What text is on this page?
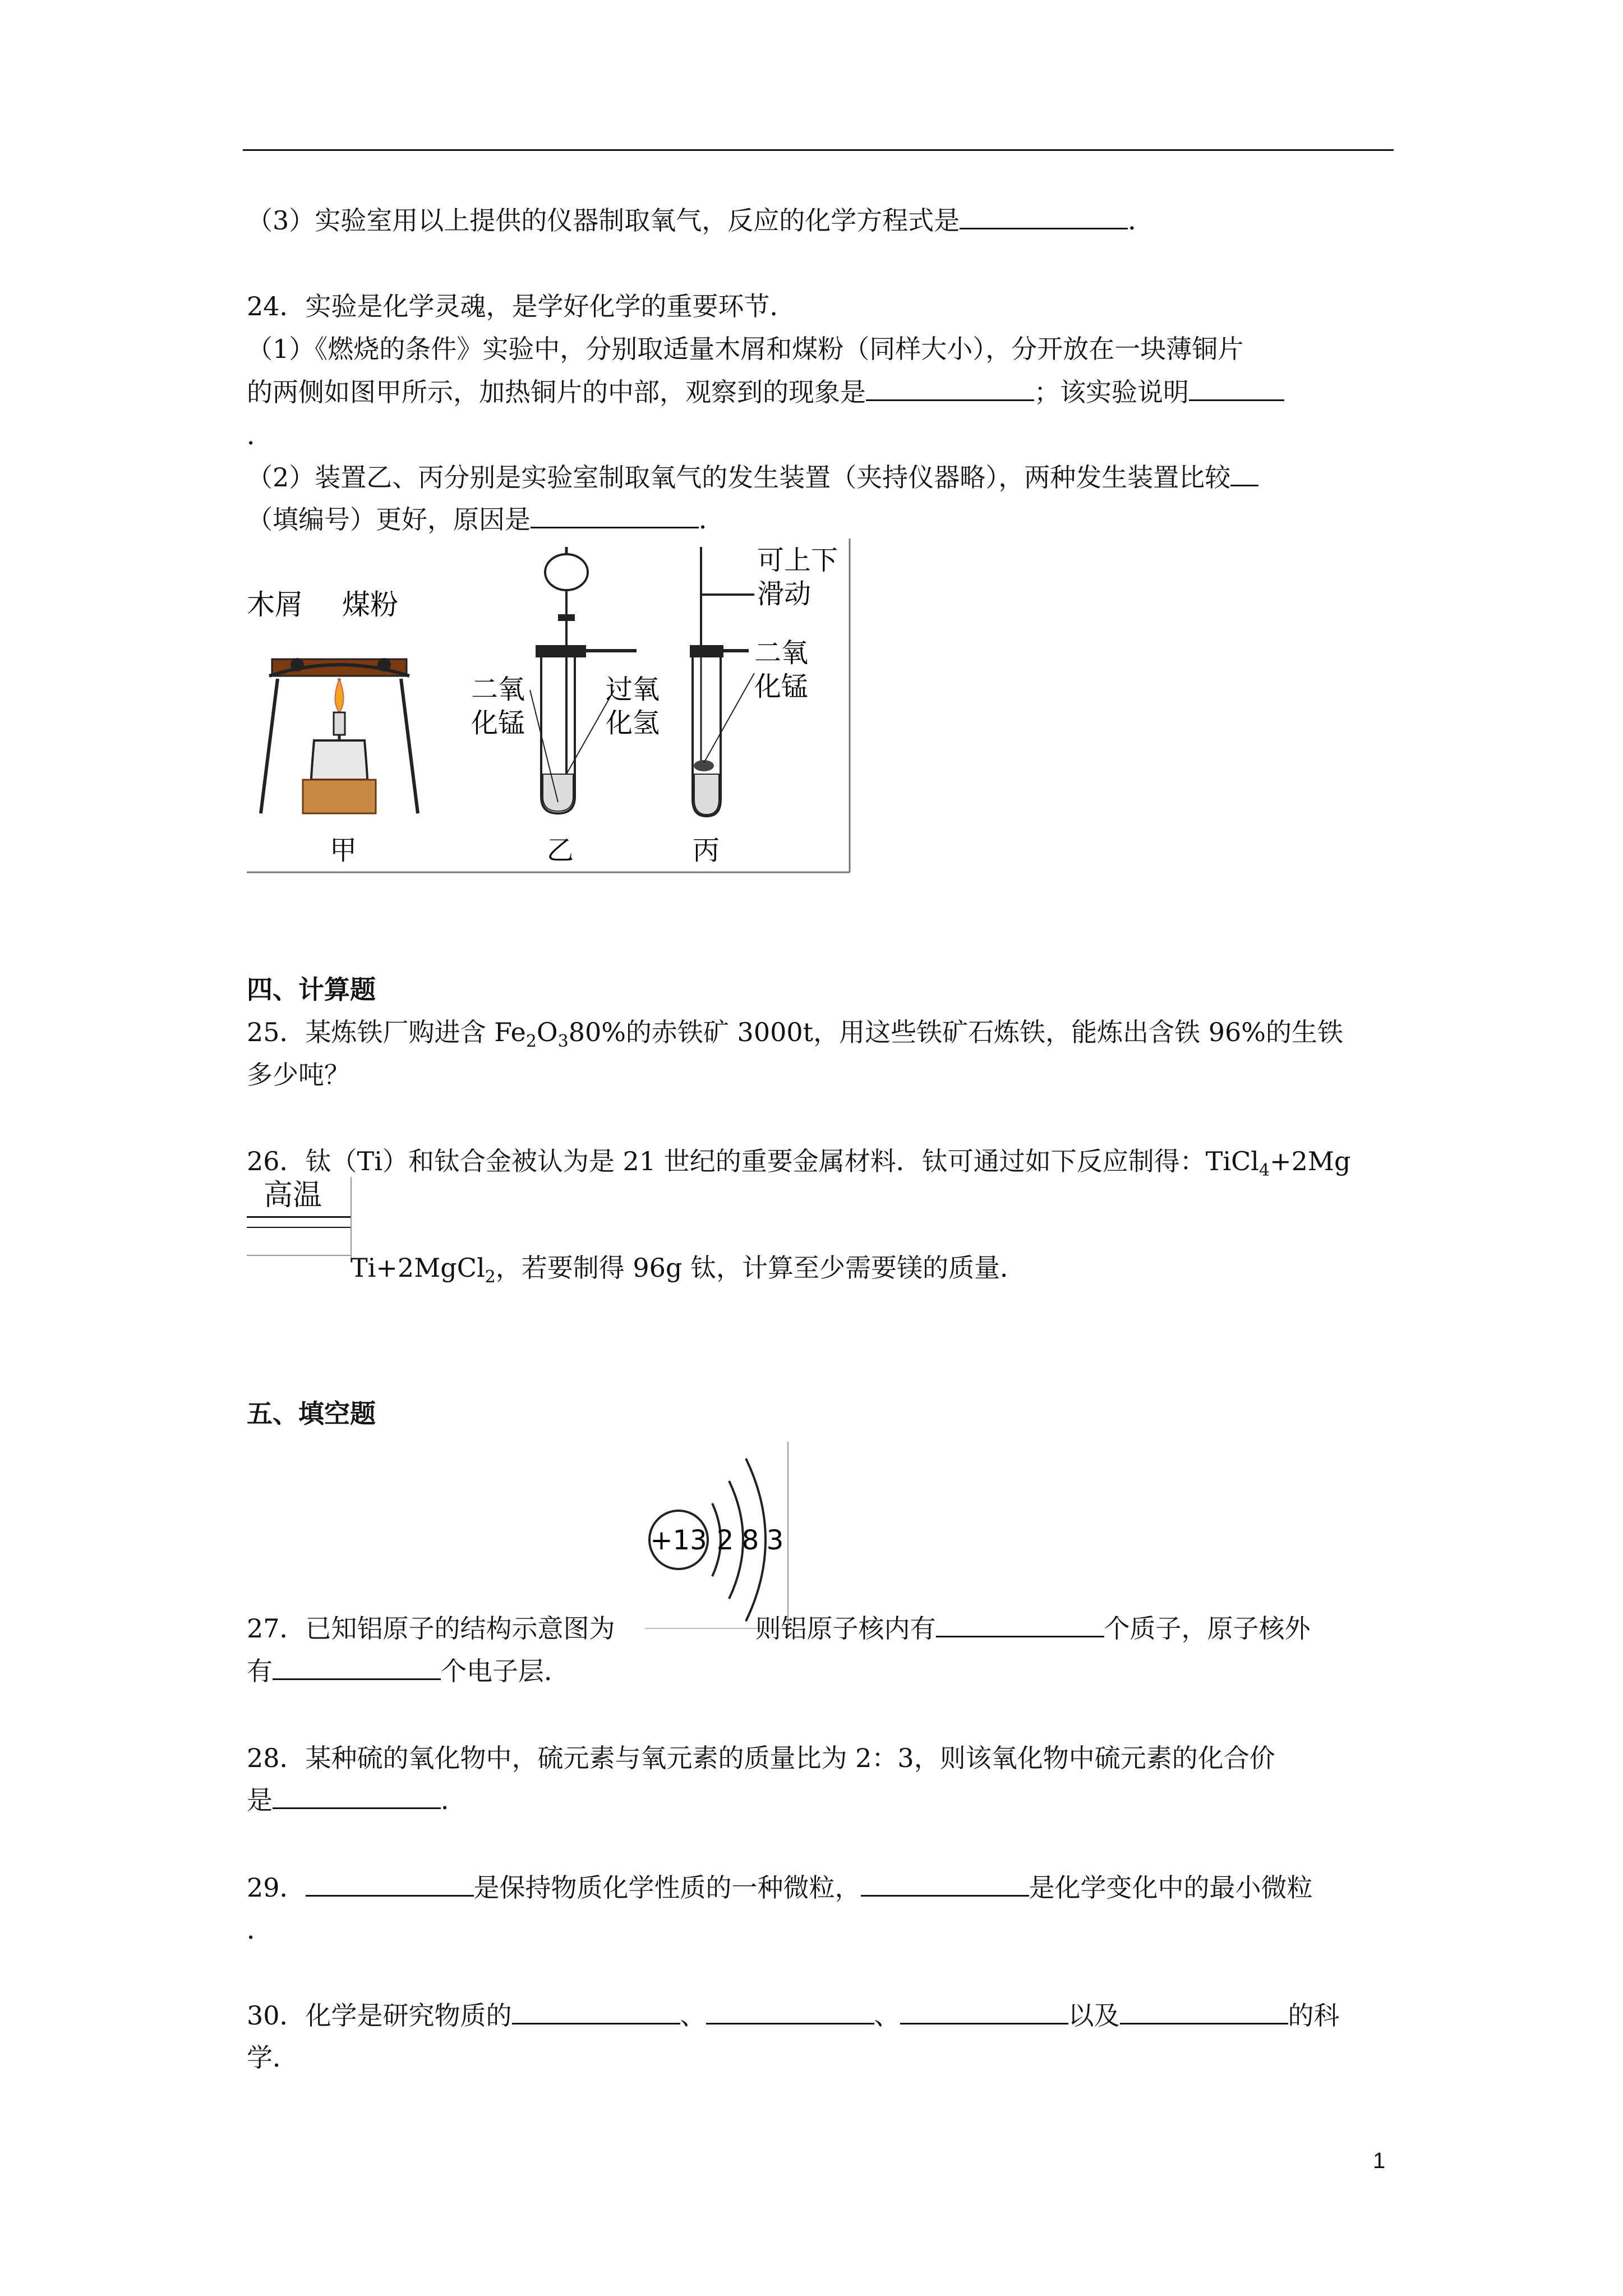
（3）实验室用以上提供的仪器制取氧气，反应的化学方程式是	．
24．实验是化学灵魂，是学好化学的重要环节．
（1）《燃烧的条件》实验中，分别取适量木屑和煤粉（同样大小），分开放在一块薄铜片
的两侧如图甲所示，加热铜片的中部，观察到的现象是	；该实验说明
．
（2）装置乙、丙分别是实验室制取氧气的发生装置（夹持仪器略），两种发生装置比较
（填编号）更好，原因是	．
木屑 煤粉
二氧
化锰
过氧
化氢
可上下
滑动
二氧
化锰
甲	乙	丙
四、计算题
25．某炼铁厂购进含 $Fe_2O_380\%$的赤铁矿 3000t，用这些铁矿石炼铁，能炼出含铁 96%的生铁
多少吨？
26．钛（Ti）和钛合金被认为是 21 世纪的重要金属材料．钛可通过如下反应制得：TiCl$_4$+2Mg
高温
Ti+2MgCl$_2$，若要制得 96g 钛，计算至少需要镁的质量．
五、填空题
+13 2 8 3
27．已知铝原子的结构示意图为	则铝原子核内有	个质子，原子核外
有	个电子层．
28．某种硫的氧化物中，硫元素与氧元素的质量比为 2：3，则该氧化物中硫元素的化合价
是	．
29．	是保持物质化学性质的一种微粒，	是化学变化中的最小微粒
．
30．化学是研究物质的	、	、	以及	的科
学．
1
